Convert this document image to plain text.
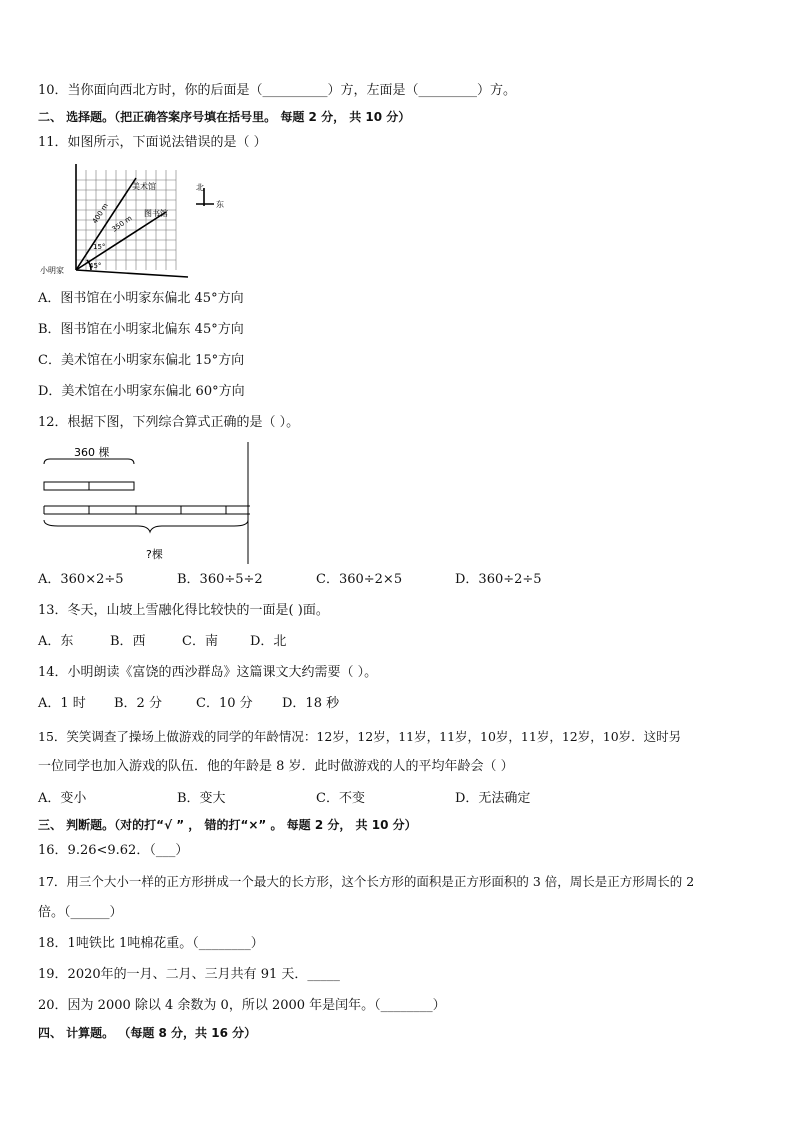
10．当你面向西北方时，你的后面是（__________）方，左面是（_________）方。
二、 选择题。（把正确答案序号填在括号里。 每题 2 分， 共 10 分）
11．如图所示，下面说法错误的是（ ）
美术馆
图书馆
400 m 350 m
15°
45°
小明家
北
东
A．图书馆在小明家东偏北 45°方向
B．图书馆在小明家北偏东 45°方向
C．美术馆在小明家东偏北 15°方向
D．美术馆在小明家东偏北 60°方向
12．根据下图，下列综合算式正确的是（ ）。
360 棵
?棵
A．360×2÷5	B．360÷5÷2	C．360÷2×5	D．360÷2÷5
13．冬天，山坡上雪融化得比较快的一面是( )面。
A．东	B．西	C．南 D．北
14．小明朗读《富饶的西沙群岛》这篇课文大约需要（ ）。
A．1 时 B．2 分	C．10 分 D．18 秒
15．笑笑调查了操场上做游戏的同学的年龄情况：12岁，12岁，11岁，11岁，10岁，11岁，12岁，10岁．这时另
一位同学也加入游戏的队伍．他的年龄是 8 岁．此时做游戏的人的平均年龄会（ ）
A．变小	B．变大	C．不变	D．无法确定
三、 判断题。（对的打“√ ” ， 错的打“×” 。 每题 2 分， 共 10 分）
16．9.26<9.62．（___）
17．用三个大小一样的正方形拼成一个最大的长方形，这个长方形的面积是正方形面积的 3 倍，周长是正方形周长的 2
倍。（______）
18．1吨铁比 1吨棉花重。（________）
19．2020年的一月、二月、三月共有 91 天．_____
20．因为 2000 除以 4 余数为 0，所以 2000 年是闰年。（________）
四、 计算题。 （每题 8 分，共 16 分）
